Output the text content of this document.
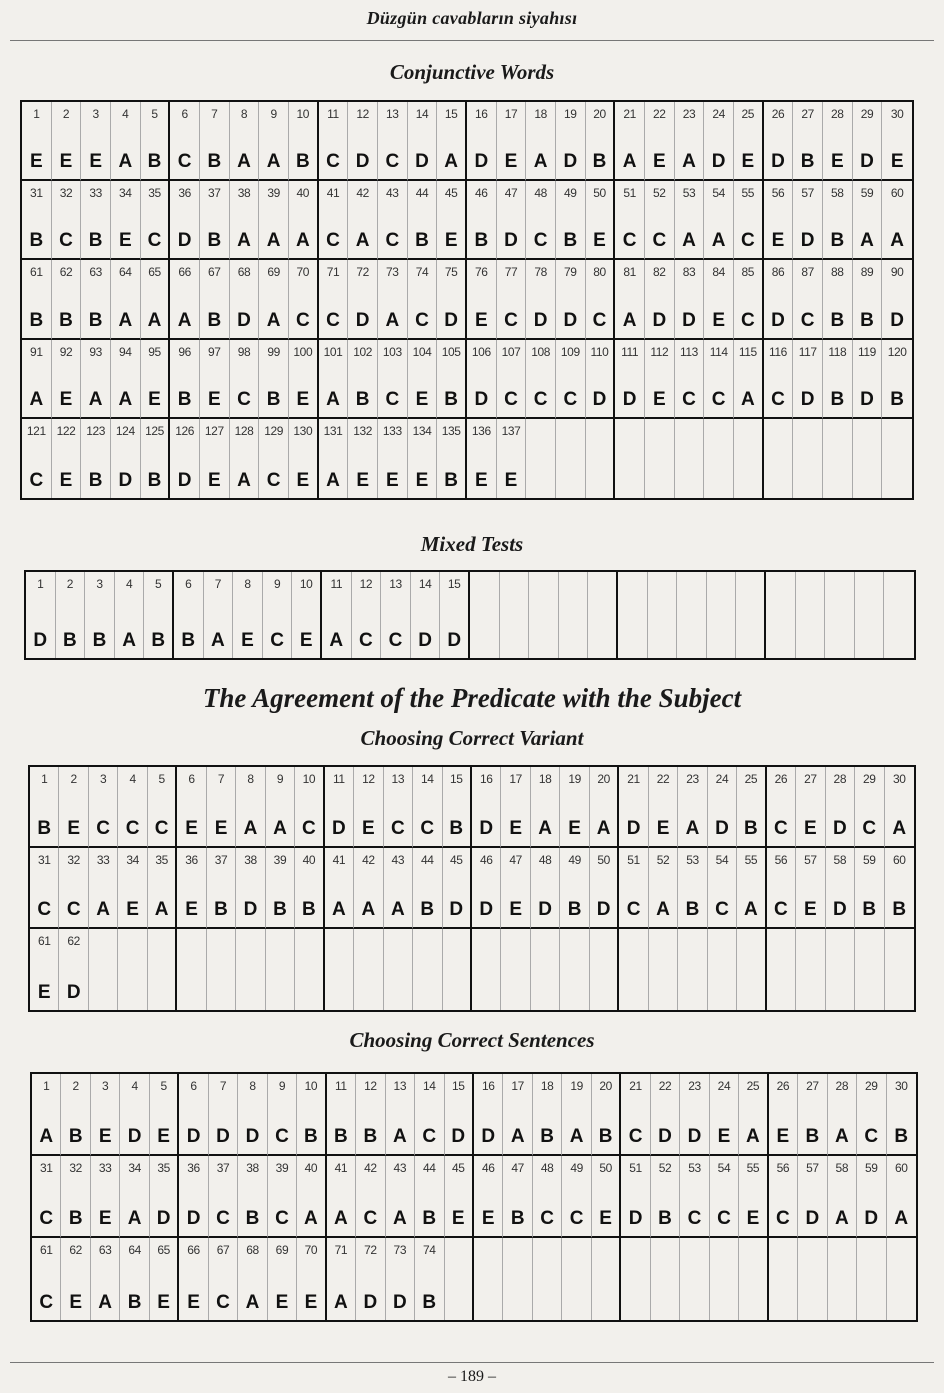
Düzgün cavabların siyahısı
Conjunctive Words
1
E
2
E
3
E
4
A
5
B
6
C
7
B
8
A
9
A
10
B
11
C
12
D
13
C
14
D
15
A
16
D
17
E
18
A
19
D
20
B
21
A
22
E
23
A
24
D
25
E
26
D
27
B
28
E
29
D
30
E
31
B
32
C
33
B
34
E
35
C
36
D
37
B
38
A
39
A
40
A
41
C
42
A
43
C
44
B
45
E
46
B
47
D
48
C
49
B
50
E
51
C
52
C
53
A
54
A
55
C
56
E
57
D
58
B
59
A
60
A
61
B
62
B
63
B
64
A
65
A
66
A
67
B
68
D
69
A
70
C
71
C
72
D
73
A
74
C
75
D
76
E
77
C
78
D
79
D
80
C
81
A
82
D
83
D
84
E
85
C
86
D
87
C
88
B
89
B
90
D
91
A
92
E
93
A
94
A
95
E
96
B
97
E
98
C
99
B
100
E
101
A
102
B
103
C
104
E
105
B
106
D
107
C
108
C
109
C
110
D
111
D
112
E
113
C
114
C
115
A
116
C
117
D
118
B
119
D
120
B
121
C
122
E
123
B
124
D
125
B
126
D
127
E
128
A
129
C
130
E
131
A
132
E
133
E
134
E
135
B
136
E
137
E
Mixed Tests
1
D
2
B
3
B
4
A
5
B
6
B
7
A
8
E
9
C
10
E
11
A
12
C
13
C
14
D
15
D
The Agreement of the Predicate with the Subject
Choosing Correct Variant
1
B
2
E
3
C
4
C
5
C
6
E
7
E
8
A
9
A
10
C
11
D
12
E
13
C
14
C
15
B
16
D
17
E
18
A
19
E
20
A
21
D
22
E
23
A
24
D
25
B
26
C
27
E
28
D
29
C
30
A
31
C
32
C
33
A
34
E
35
A
36
E
37
B
38
D
39
B
40
B
41
A
42
A
43
A
44
B
45
D
46
D
47
E
48
D
49
B
50
D
51
C
52
A
53
B
54
C
55
A
56
C
57
E
58
D
59
B
60
B
61
E
62
D
Choosing Correct Sentences
1
A
2
B
3
E
4
D
5
E
6
D
7
D
8
D
9
C
10
B
11
B
12
B
13
A
14
C
15
D
16
D
17
A
18
B
19
A
20
B
21
C
22
D
23
D
24
E
25
A
26
E
27
B
28
A
29
C
30
B
31
C
32
B
33
E
34
A
35
D
36
D
37
C
38
B
39
C
40
A
41
A
42
C
43
A
44
B
45
E
46
E
47
B
48
C
49
C
50
E
51
D
52
B
53
C
54
C
55
E
56
C
57
D
58
A
59
D
60
A
61
C
62
E
63
A
64
B
65
E
66
E
67
C
68
A
69
E
70
E
71
A
72
D
73
D
74
B
– 189 –
